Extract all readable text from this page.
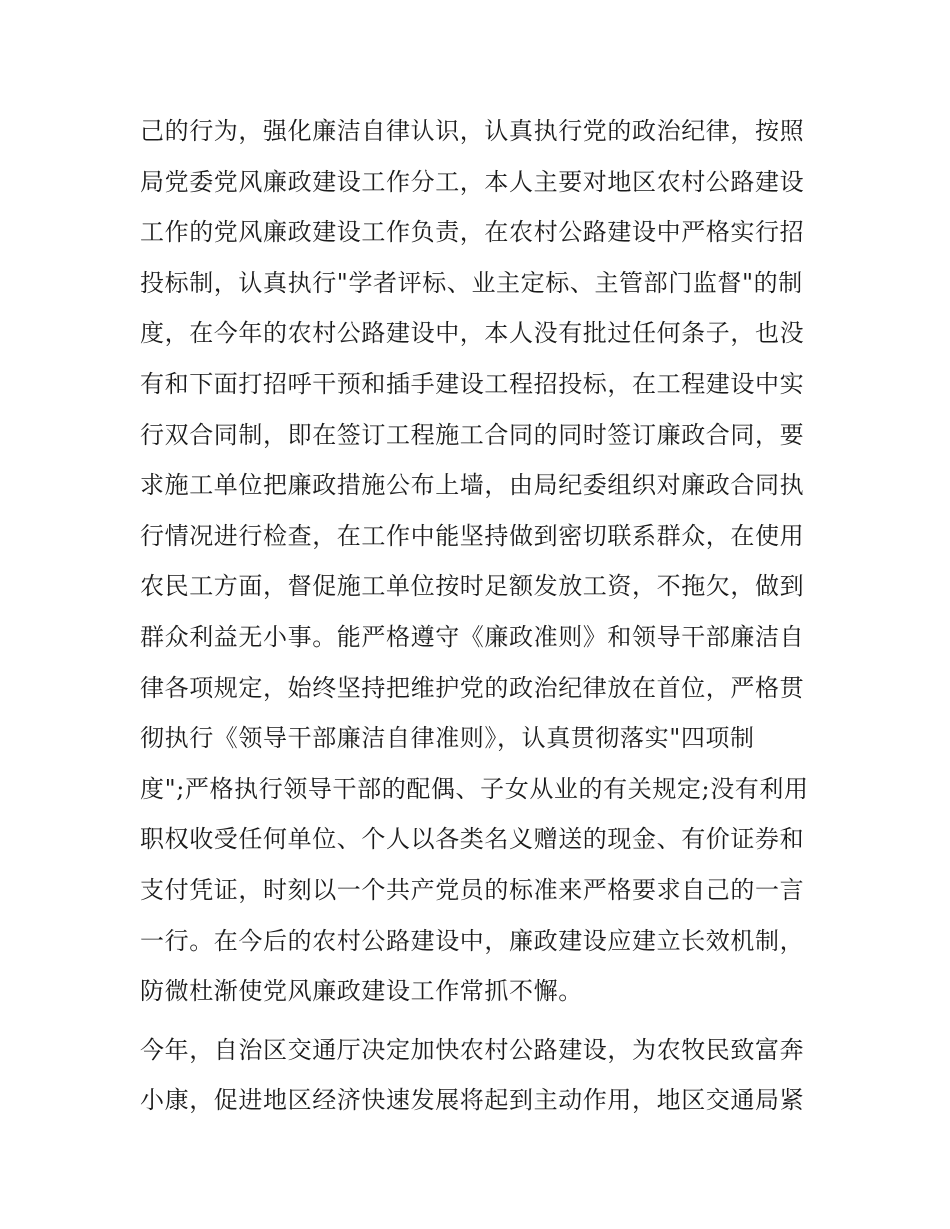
己的行为，强化廉洁自律认识，认真执行党的政治纪律，按照
局党委党风廉政建设工作分工，本人主要对地区农村公路建设
工作的党风廉政建设工作负责，在农村公路建设中严格实行招
投标制，认真执行"学者评标、业主定标、主管部门监督"的制
度，在今年的农村公路建设中，本人没有批过任何条子，也没
有和下面打招呼干预和插手建设工程招投标，在工程建设中实
行双合同制，即在签订工程施工合同的同时签订廉政合同，要
求施工单位把廉政措施公布上墙，由局纪委组织对廉政合同执
行情况进行检查，在工作中能坚持做到密切联系群众，在使用
农民工方面，督促施工单位按时足额发放工资，不拖欠，做到
群众利益无小事。能严格遵守《廉政准则》和领导干部廉洁自
律各项规定，始终坚持把维护党的政治纪律放在首位，严格贯
彻执行《领导干部廉洁自律准则》，认真贯彻落实"四项制
度";严格执行领导干部的配偶、子女从业的有关规定;没有利用
职权收受任何单位、个人以各类名义赠送的现金、有价证券和
支付凭证，时刻以一个共产党员的标准来严格要求自己的一言
一行。在今后的农村公路建设中，廉政建设应建立长效机制，
防微杜渐使党风廉政建设工作常抓不懈。
今年，自治区交通厅决定加快农村公路建设，为农牧民致富奔
小康，促进地区经济快速发展将起到主动作用，地区交通局紧
